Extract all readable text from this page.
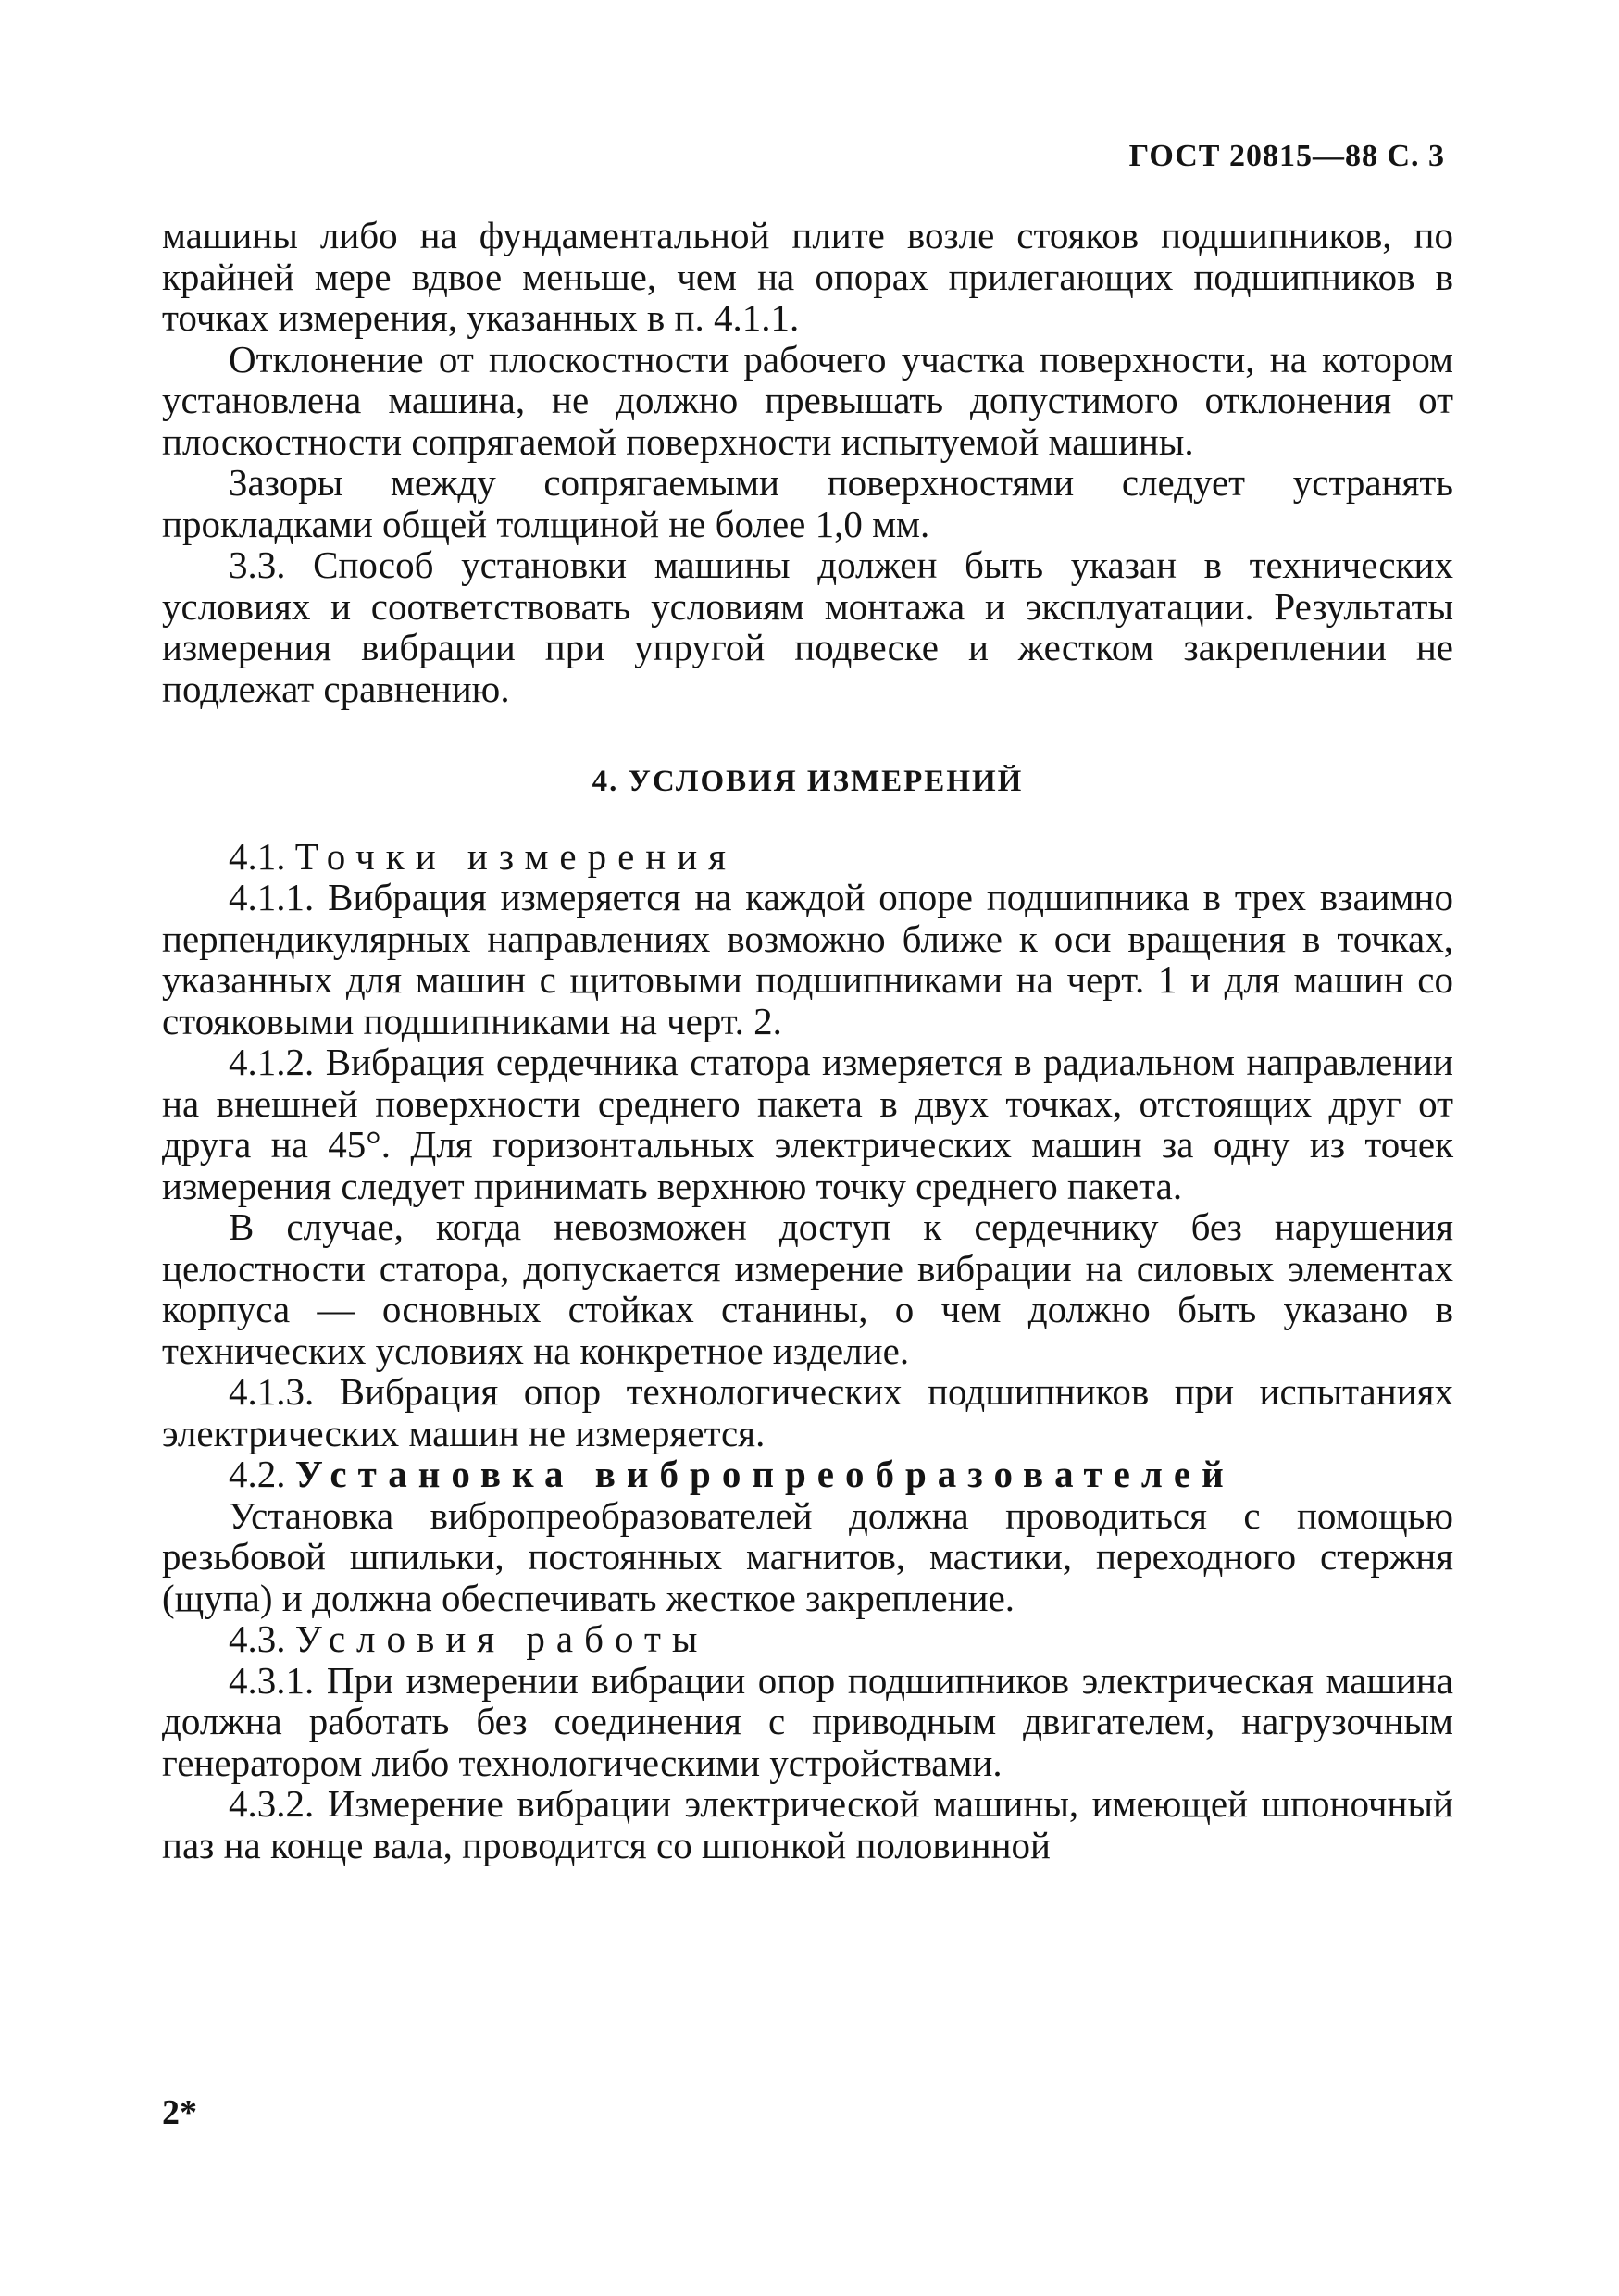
ГОСТ 20815—88 С. 3

машины либо на фундаментальной плите возле стояков подшипников, по крайней мере вдвое меньше, чем на опорах прилегающих подшипников в точках измерения, указанных в п. 4.1.1.

Отклонение от плоскостности рабочего участка поверхности, на котором установлена машина, не должно превышать допустимого отклонения от плоскостности сопрягаемой поверхности испытуемой машины.

Зазоры между сопрягаемыми поверхностями следует устранять прокладками общей толщиной не более 1,0 мм.

3.3. Способ установки машины должен быть указан в технических условиях и соответствовать условиям монтажа и эксплуатации. Результаты измерения вибрации при упругой подвеске и жестком закреплении не подлежат сравнению.

4. УСЛОВИЯ ИЗМЕРЕНИЙ

4.1. Точки измерения

4.1.1. Вибрация измеряется на каждой опоре подшипника в трех взаимно перпендикулярных направлениях возможно ближе к оси вращения в точках, указанных для машин с щитовыми подшипниками на черт. 1 и для машин со стояковыми подшипниками на черт. 2.

4.1.2. Вибрация сердечника статора измеряется в радиальном направлении на внешней поверхности среднего пакета в двух точках, отстоящих друг от друга на 45°. Для горизонтальных электрических машин за одну из точек измерения следует принимать верхнюю точку среднего пакета.

В случае, когда невозможен доступ к сердечнику без нарушения целостности статора, допускается измерение вибрации на силовых элементах корпуса — основных стойках станины, о чем должно быть указано в технических условиях на конкретное изделие.

4.1.3. Вибрация опор технологических подшипников при испытаниях электрических машин не измеряется.

4.2. Установка вибропреобразователей

Установка вибропреобразователей должна проводиться с помощью резьбовой шпильки, постоянных магнитов, мастики, переходного стержня (щупа) и должна обеспечивать жесткое закрепление.

4.3. Условия работы

4.3.1. При измерении вибрации опор подшипников электрическая машина должна работать без соединения с приводным двигателем, нагрузочным генератором либо технологическими устройствами.

4.3.2. Измерение вибрации электрической машины, имеющей шпоночный паз на конце вала, проводится со шпонкой половинной

2*
